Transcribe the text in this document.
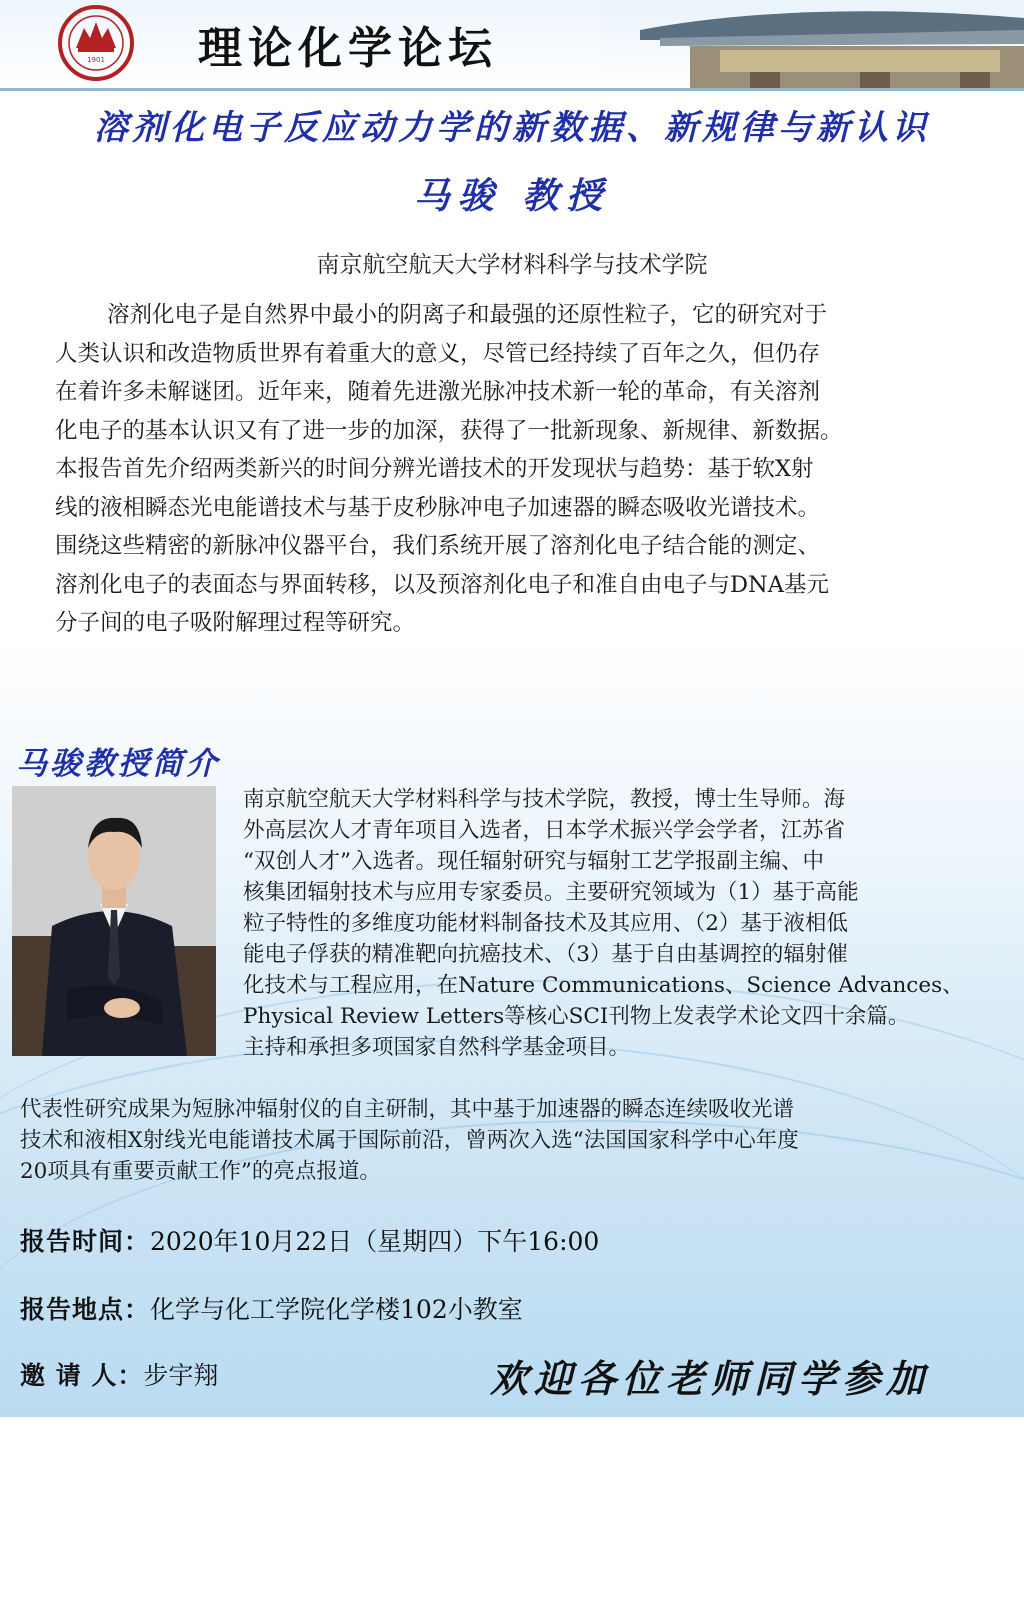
1901 理论化学论坛
溶剂化电子反应动力学的新数据、新规律与新认识
马骏 教授
南京航空航天大学材料科学与技术学院
溶剂化电子是自然界中最小的阴离子和最强的还原性粒子，它的研究对于
人类认识和改造物质世界有着重大的意义，尽管已经持续了百年之久，但仍存
在着许多未解谜团。近年来，随着先进激光脉冲技术新一轮的革命，有关溶剂
化电子的基本认识又有了进一步的加深，获得了一批新现象、新规律、新数据。
本报告首先介绍两类新兴的时间分辨光谱技术的开发现状与趋势：基于软X射
线的液相瞬态光电能谱技术与基于皮秒脉冲电子加速器的瞬态吸收光谱技术。
围绕这些精密的新脉冲仪器平台，我们系统开展了溶剂化电子结合能的测定、
溶剂化电子的表面态与界面转移，以及预溶剂化电子和准自由电子与DNA基元
分子间的电子吸附解理过程等研究。
马骏教授简介
南京航空航天大学材料科学与技术学院，教授，博士生导师。海
外高层次人才青年项目入选者，日本学术振兴学会学者，江苏省
“双创人才”入选者。现任辐射研究与辐射工艺学报副主编、中
核集团辐射技术与应用专家委员。主要研究领域为（1）基于高能
粒子特性的多维度功能材料制备技术及其应用、（2）基于液相低
能电子俘获的精准靶向抗癌技术、（3）基于自由基调控的辐射催
化技术与工程应用，在Nature Communications、Science Advances、
Physical Review Letters等核心SCI刊物上发表学术论文四十余篇。
主持和承担多项国家自然科学基金项目。
代表性研究成果为短脉冲辐射仪的自主研制，其中基于加速器的瞬态连续吸收光谱
技术和液相X射线光电能谱技术属于国际前沿，曾两次入选“法国国家科学中心年度
20项具有重要贡献工作”的亮点报道。
报告时间：2020年10月22日（星期四）下午16:00
报告地点：化学与化工学院化学楼102小教室
邀 请 人：步宇翔	欢迎各位老师同学参加
